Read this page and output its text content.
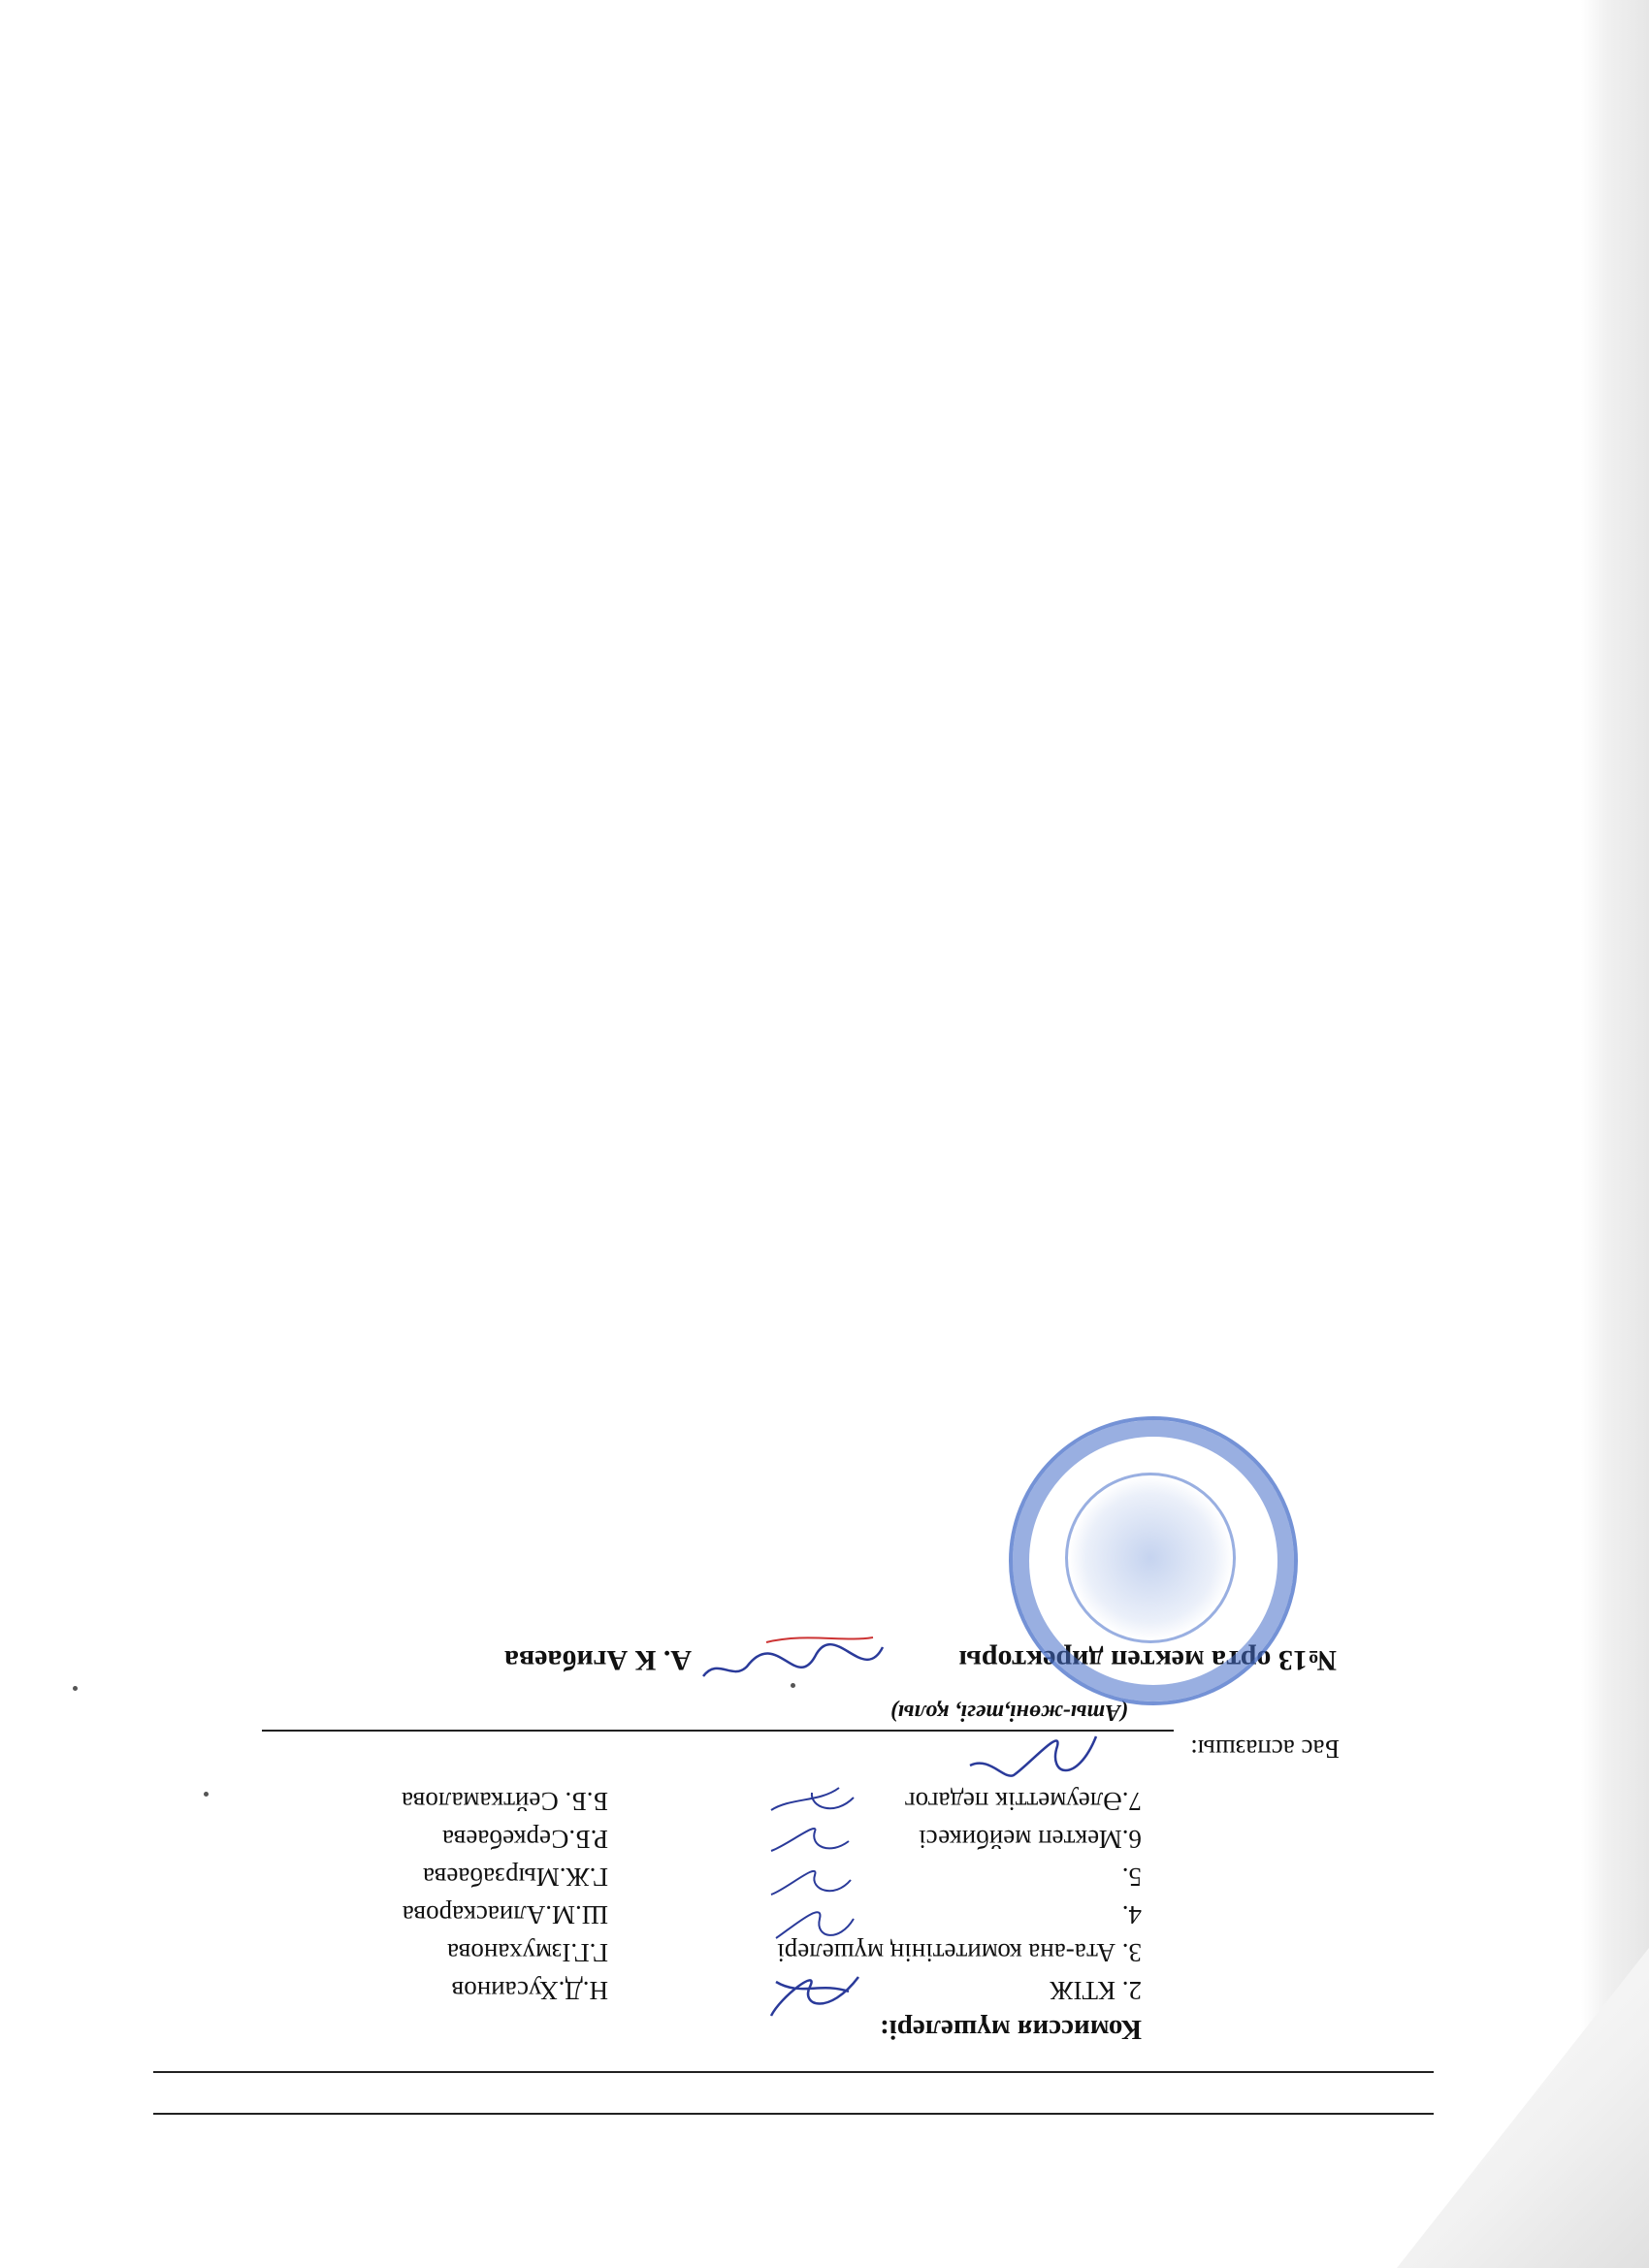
Комиссия мүшелері:
2. КТІЖ
3. Ата-ана комитетінің мүшелері
4.
5.
6.Мектеп мейбикесі
7.Әлеуметтік педагог
Н.Д.Хусаинов
Г.Г.Ізмуханова
Ш.М.Алиаскарова
Г.Ж.Мырзабаева
Р.Б.Серкебаева
Б.Б. Сейткамалова
Бас аспазшы:
(Аты-жөні,тегі, қолы)
№13 орта мектеп директоры
А. К Агибаева
